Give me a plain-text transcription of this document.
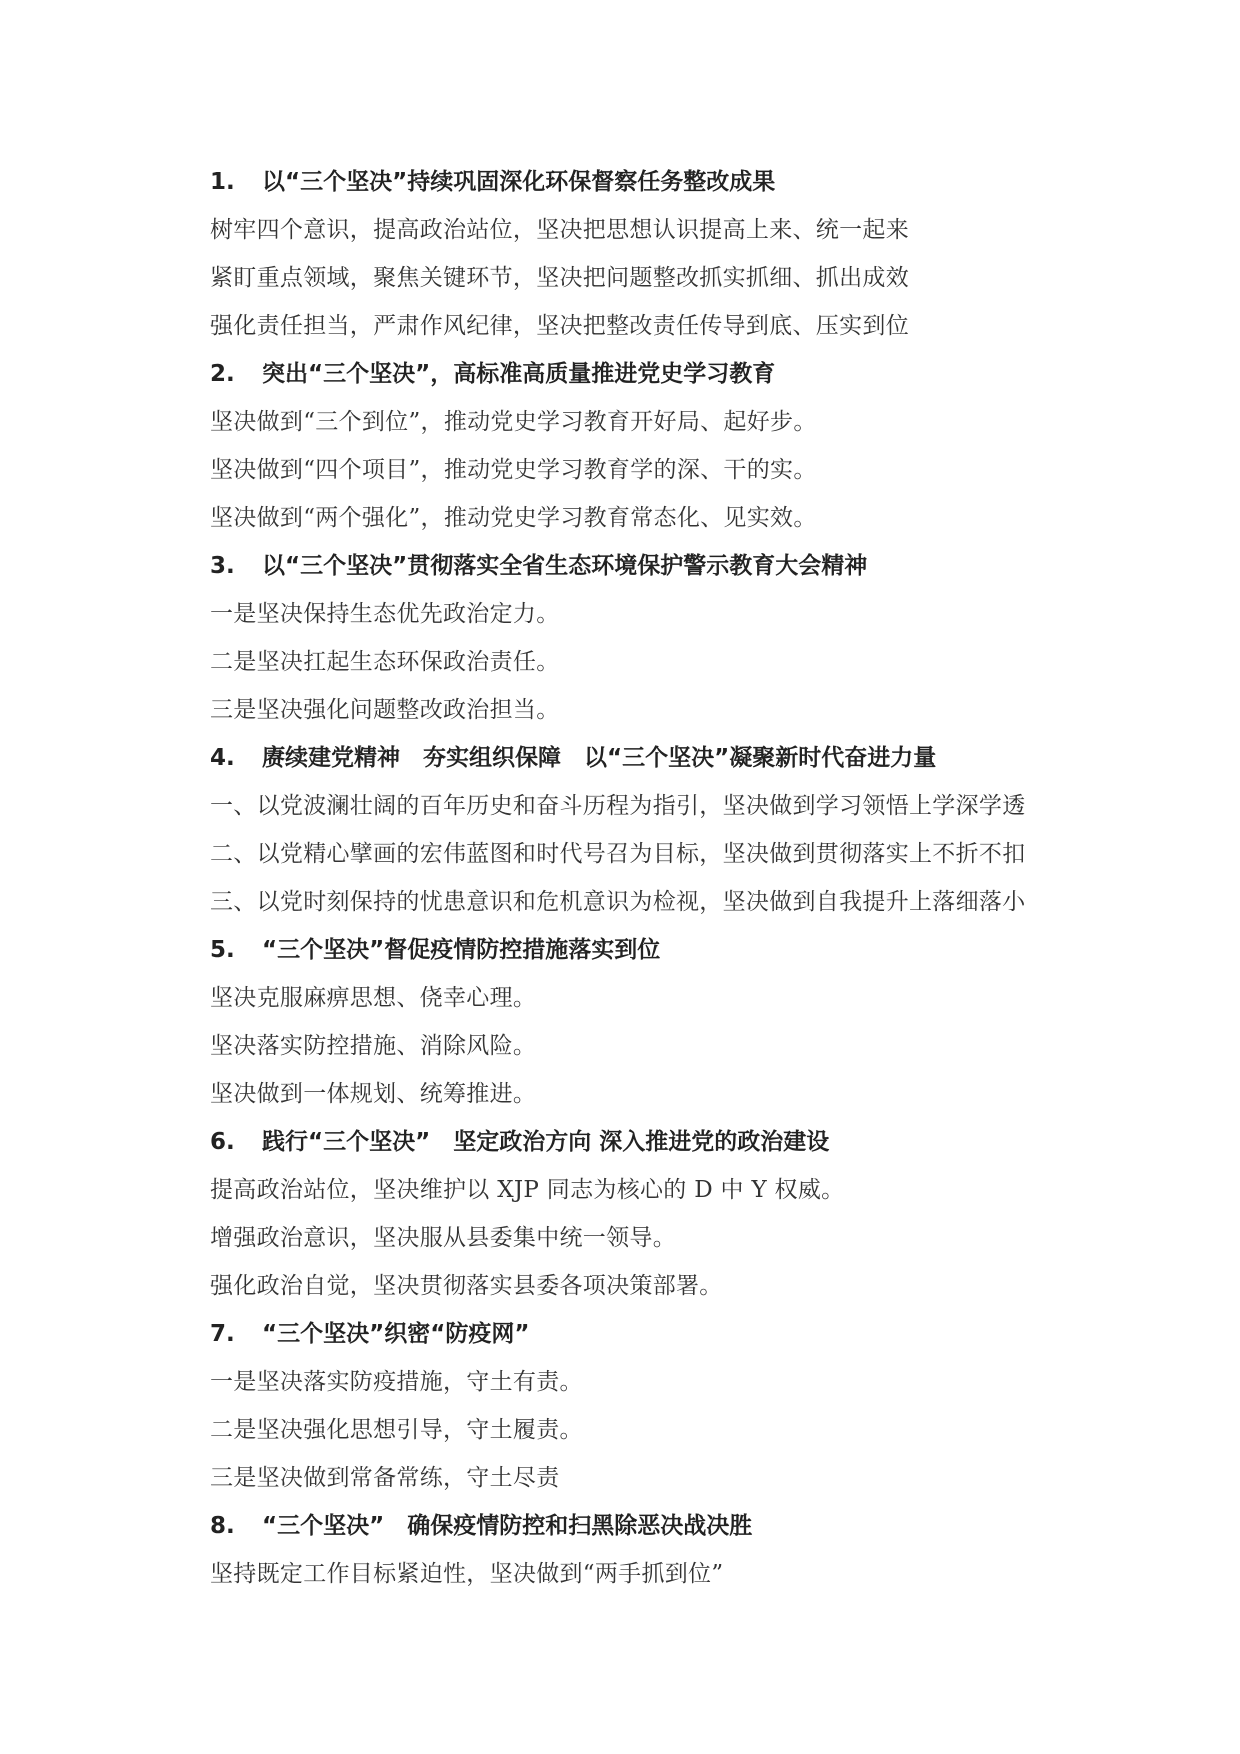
1.	以“三个坚决”持续巩固深化环保督察任务整改成果
树牢四个意识，提高政治站位，坚决把思想认识提高上来、统一起来
紧盯重点领域，聚焦关键环节，坚决把问题整改抓实抓细、抓出成效
强化责任担当，严肃作风纪律，坚决把整改责任传导到底、压实到位
2.	突出“三个坚决”，高标准高质量推进党史学习教育
坚决做到“三个到位”，推动党史学习教育开好局、起好步。
坚决做到“四个项目”，推动党史学习教育学的深、干的实。
坚决做到“两个强化”，推动党史学习教育常态化、见实效。
3.	以“三个坚决”贯彻落实全省生态环境保护警示教育大会精神
一是坚决保持生态优先政治定力。
二是坚决扛起生态环保政治责任。
三是坚决强化问题整改政治担当。
4.	赓续建党精神　夯实组织保障　以“三个坚决”凝聚新时代奋进力量
一、以党波澜壮阔的百年历史和奋斗历程为指引，坚决做到学习领悟上学深学透
二、以党精心擘画的宏伟蓝图和时代号召为目标，坚决做到贯彻落实上不折不扣
三、以党时刻保持的忧患意识和危机意识为检视，坚决做到自我提升上落细落小
5.	“三个坚决”督促疫情防控措施落实到位
坚决克服麻痹思想、侥幸心理。
坚决落实防控措施、消除风险。
坚决做到一体规划、统筹推进。
6.	践行“三个坚决”　坚定政治方向 深入推进党的政治建设
提高政治站位，坚决维护以 XJP 同志为核心的 D 中 Y 权威。
增强政治意识，坚决服从县委集中统一领导。
强化政治自觉，坚决贯彻落实县委各项决策部署。
7.	“三个坚决”织密“防疫网”
一是坚决落实防疫措施，守土有责。
二是坚决强化思想引导，守土履责。
三是坚决做到常备常练，守土尽责
8.	“三个坚决”　确保疫情防控和扫黑除恶决战决胜
坚持既定工作目标紧迫性，坚决做到“两手抓到位”
